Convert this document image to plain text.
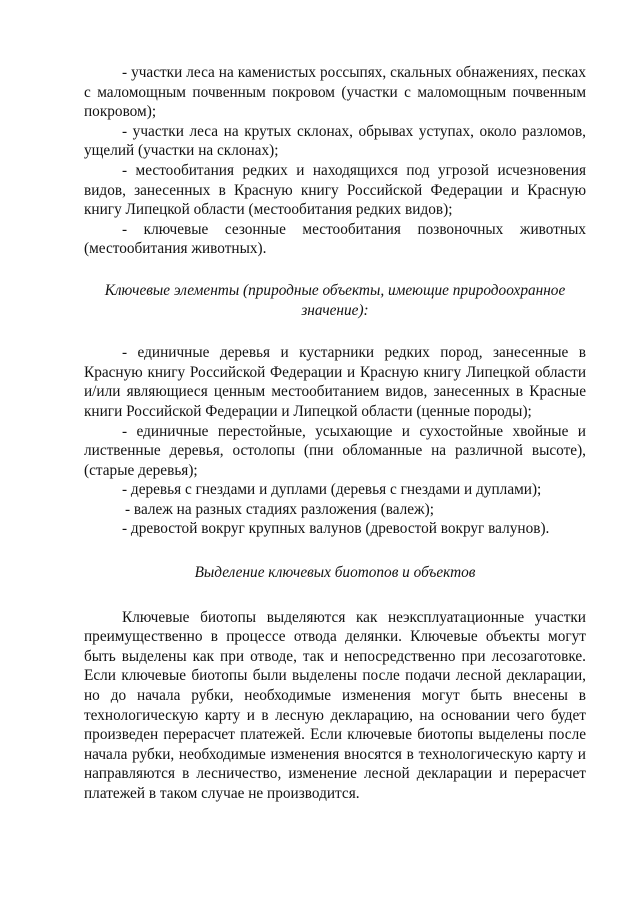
- участки леса на каменистых россыпях, скальных обнажениях, песках с маломощным почвенным покровом (участки с маломощным почвенным покровом);

- участки леса на крутых склонах, обрывах уступах, около разломов, ущелий (участки на склонах);

- местообитания редких и находящихся под угрозой исчезновения видов, занесенных в Красную книгу Российской Федерации и Красную книгу Липецкой области (местообитания редких видов);

- ключевые сезонные местообитания позвоночных животных (местообитания животных).

Ключевые элементы (природные объекты, имеющие природоохранное значение):

- единичные деревья и кустарники редких пород, занесенные в Красную книгу Российской Федерации и Красную книгу Липецкой области и/или являющиеся ценным местообитанием видов, занесенных в Красные книги Российской Федерации и Липецкой области (ценные породы);

- единичные перестойные, усыхающие и сухостойные хвойные и лиственные деревья, остолопы (пни обломанные на различной высоте), (старые деревья);

- деревья с гнездами и дуплами (деревья с гнездами и дуплами);

- валеж на разных стадиях разложения (валеж);

- древостой вокруг крупных валунов (древостой вокруг валунов).

Выделение ключевых биотопов и объектов

Ключевые биотопы выделяются как неэксплуатационные участки преимущественно в процессе отвода делянки. Ключевые объекты могут быть выделены как при отводе, так и непосредственно при лесозаготовке. Если ключевые биотопы были выделены после подачи лесной декларации, но до начала рубки, необходимые изменения могут быть внесены в технологическую карту и в лесную декларацию, на основании чего будет произведен перерасчет платежей. Если ключевые биотопы выделены после начала рубки, необходимые изменения вносятся в технологическую карту и направляются в лесничество, изменение лесной декларации и перерасчет платежей в таком случае не производится.
